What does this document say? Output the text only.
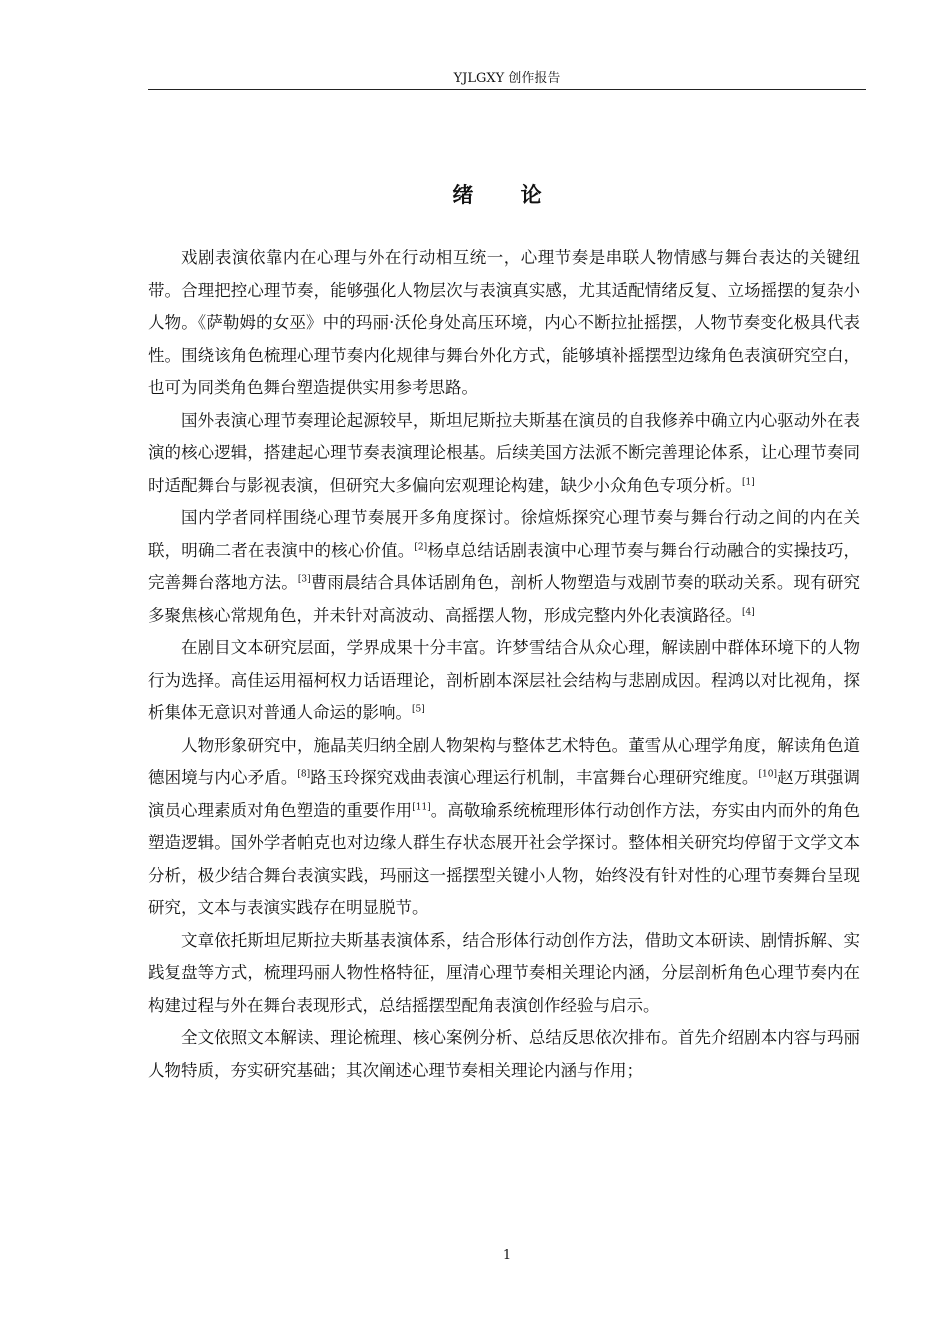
YJLGXY 创作报告
绪 论

戏剧表演依靠内在心理与外在行动相互统一，心理节奏是串联人物情感与舞台表达的关键纽带。合理把控心理节奏，能够强化人物层次与表演真实感，尤其适配情绪反复、立场摇摆的复杂小人物。《萨勒姆的女巫》中的玛丽·沃伦身处高压环境，内心不断拉扯摇摆，人物节奏变化极具代表性。围绕该角色梳理心理节奏内化规律与舞台外化方式，能够填补摇摆型边缘角色表演研究空白，也可为同类角色舞台塑造提供实用参考思路。

国外表演心理节奏理论起源较早，斯坦尼斯拉夫斯基在演员的自我修养中确立内心驱动外在表演的核心逻辑，搭建起心理节奏表演理论根基。后续美国方法派不断完善理论体系，让心理节奏同时适配舞台与影视表演，但研究大多偏向宏观理论构建，缺少小众角色专项分析。[1]

国内学者同样围绕心理节奏展开多角度探讨。徐煊烁探究心理节奏与舞台行动之间的内在关联，明确二者在表演中的核心价值。[2]杨卓总结话剧表演中心理节奏与舞台行动融合的实操技巧，完善舞台落地方法。[3]曹雨晨结合具体话剧角色，剖析人物塑造与戏剧节奏的联动关系。现有研究多聚焦核心常规角色，并未针对高波动、高摇摆人物，形成完整内外化表演路径。[4]

在剧目文本研究层面，学界成果十分丰富。许梦雪结合从众心理，解读剧中群体环境下的人物行为选择。高佳运用福柯权力话语理论，剖析剧本深层社会结构与悲剧成因。程鸿以对比视角，探析集体无意识对普通人命运的影响。[5]

人物形象研究中，施晶芙归纳全剧人物架构与整体艺术特色。董雪从心理学角度，解读角色道德困境与内心矛盾。[8]路玉玲探究戏曲表演心理运行机制，丰富舞台心理研究维度。[10]赵万琪强调演员心理素质对角色塑造的重要作用[11]。高敬瑜系统梳理形体行动创作方法，夯实由内而外的角色塑造逻辑。国外学者帕克也对边缘人群生存状态展开社会学探讨。整体相关研究均停留于文学文本分析，极少结合舞台表演实践，玛丽这一摇摆型关键小人物，始终没有针对性的心理节奏舞台呈现研究，文本与表演实践存在明显脱节。

文章依托斯坦尼斯拉夫斯基表演体系，结合形体行动创作方法，借助文本研读、剧情拆解、实践复盘等方式，梳理玛丽人物性格特征，厘清心理节奏相关理论内涵，分层剖析角色心理节奏内在构建过程与外在舞台表现形式，总结摇摆型配角表演创作经验与启示。

全文依照文本解读、理论梳理、核心案例分析、总结反思依次排布。首先介绍剧本内容与玛丽人物特质，夯实研究基础；其次阐述心理节奏相关理论内涵与作用；

1
